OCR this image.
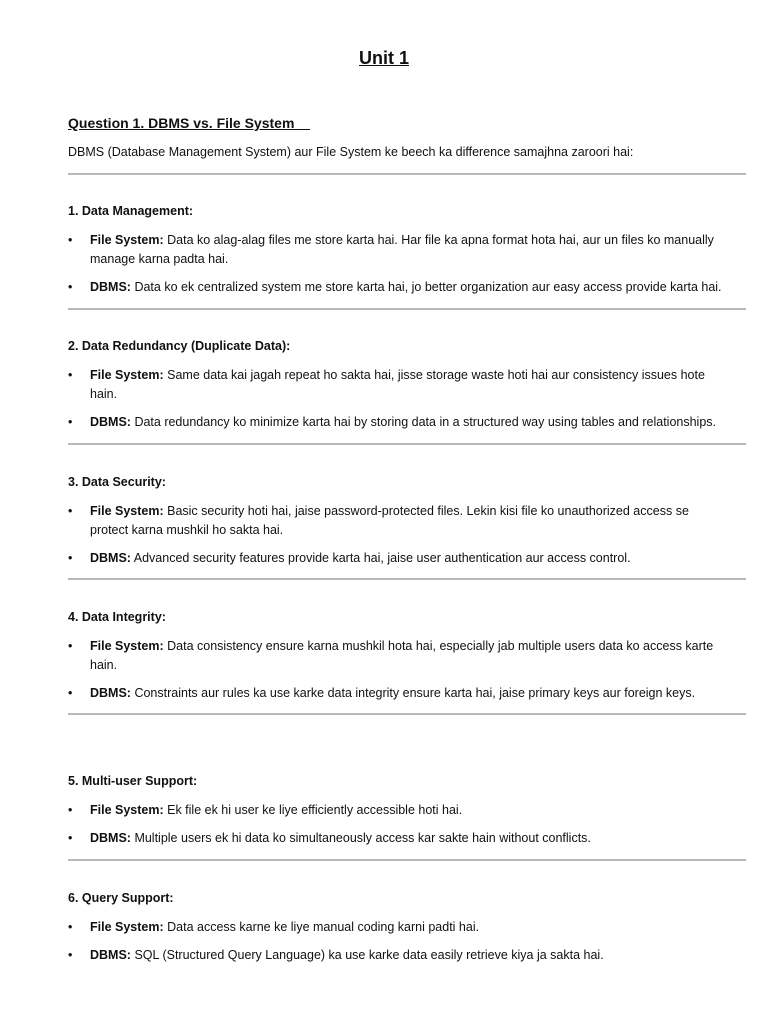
Unit 1
Question 1. DBMS vs. File System
DBMS (Database Management System) aur File System ke beech ka difference samajhna zaroori hai:
1. Data Management:
• File System: Data ko alag-alag files me store karta hai. Har file ka apna format hota hai, aur un files ko manually manage karna padta hai.
• DBMS: Data ko ek centralized system me store karta hai, jo better organization aur easy access provide karta hai.
2. Data Redundancy (Duplicate Data):
• File System: Same data kai jagah repeat ho sakta hai, jisse storage waste hoti hai aur consistency issues hote hain.
• DBMS: Data redundancy ko minimize karta hai by storing data in a structured way using tables and relationships.
3. Data Security:
• File System: Basic security hoti hai, jaise password-protected files. Lekin kisi file ko unauthorized access se protect karna mushkil ho sakta hai.
• DBMS: Advanced security features provide karta hai, jaise user authentication aur access control.
4. Data Integrity:
• File System: Data consistency ensure karna mushkil hota hai, especially jab multiple users data ko access karte hain.
• DBMS: Constraints aur rules ka use karke data integrity ensure karta hai, jaise primary keys aur foreign keys.
5. Multi-user Support:
• File System: Ek file ek hi user ke liye efficiently accessible hoti hai.
• DBMS: Multiple users ek hi data ko simultaneously access kar sakte hain without conflicts.
6. Query Support:
• File System: Data access karne ke liye manual coding karni padti hai.
• DBMS: SQL (Structured Query Language) ka use karke data easily retrieve kiya ja sakta hai.
